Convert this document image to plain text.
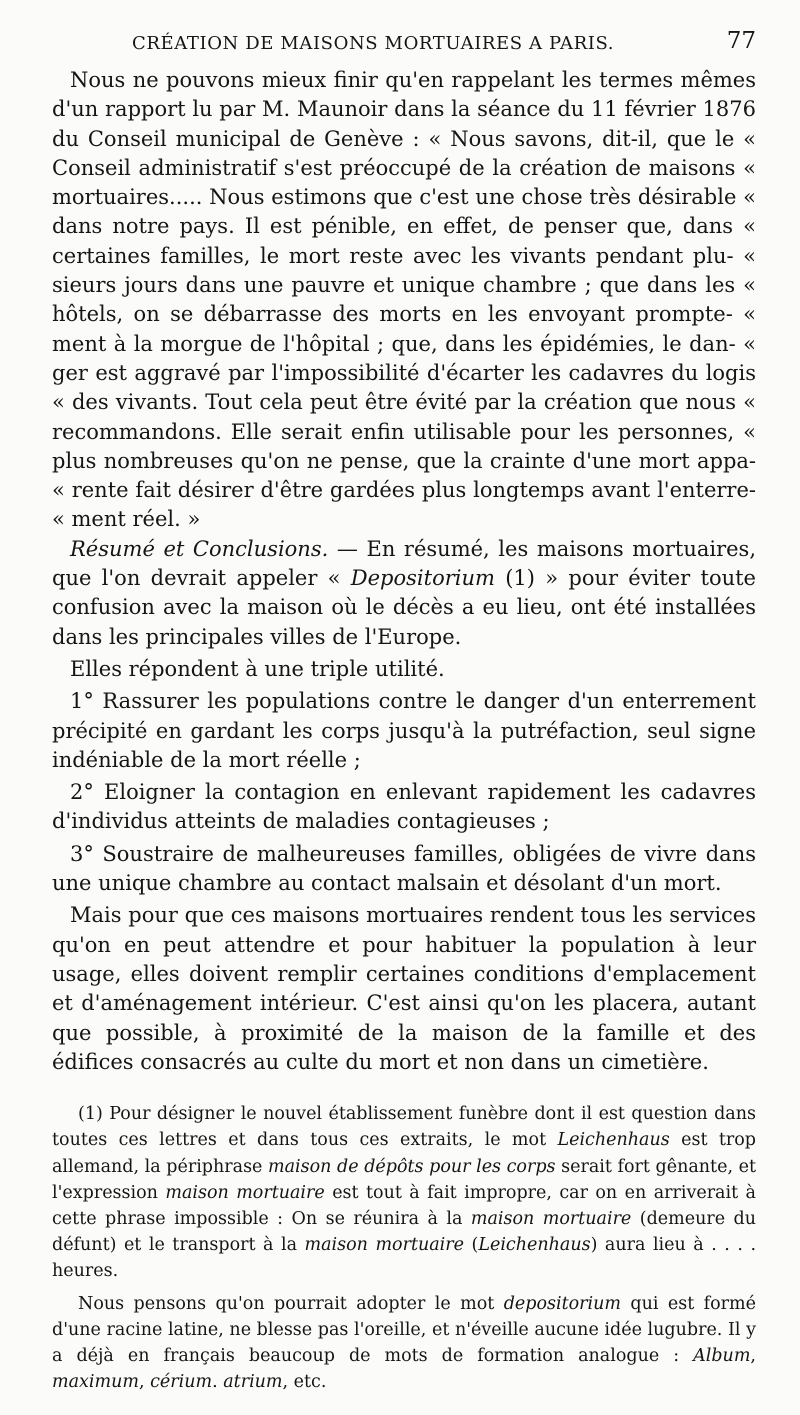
CRÉATION DE MAISONS MORTUAIRES A PARIS.	77

Nous ne pouvons mieux finir qu'en rappelant les termes mêmes d'un rapport lu par M. Maunoir dans la séance du 11 février 1876 du Conseil municipal de Genève : « Nous savons, dit-il, que le « Conseil administratif s'est préoccupé de la création de maisons « mortuaires..... Nous estimons que c'est une chose très désirable « dans notre pays. Il est pénible, en effet, de penser que, dans « certaines familles, le mort reste avec les vivants pendant plu- « sieurs jours dans une pauvre et unique chambre ; que dans les « hôtels, on se débarrasse des morts en les envoyant prompte- « ment à la morgue de l'hôpital ; que, dans les épidémies, le dan- « ger est aggravé par l'impossibilité d'écarter les cadavres du logis « des vivants. Tout cela peut être évité par la création que nous « recommandons. Elle serait enfin utilisable pour les personnes, « plus nombreuses qu'on ne pense, que la crainte d'une mort appa- « rente fait désirer d'être gardées plus longtemps avant l'enterre- « ment réel. »

Résumé et Conclusions. — En résumé, les maisons mortuaires, que l'on devrait appeler « Depositorium (1) » pour éviter toute confusion avec la maison où le décès a eu lieu, ont été installées dans les principales villes de l'Europe.

Elles répondent à une triple utilité.

1° Rassurer les populations contre le danger d'un enterrement précipité en gardant les corps jusqu'à la putréfaction, seul signe indéniable de la mort réelle ;

2° Eloigner la contagion en enlevant rapidement les cadavres d'individus atteints de maladies contagieuses ;

3° Soustraire de malheureuses familles, obligées de vivre dans une unique chambre au contact malsain et désolant d'un mort.

Mais pour que ces maisons mortuaires rendent tous les services qu'on en peut attendre et pour habituer la population à leur usage, elles doivent remplir certaines conditions d'emplacement et d'aménagement intérieur. C'est ainsi qu'on les placera, autant que possible, à proximité de la maison de la famille et des édifices consacrés au culte du mort et non dans un cimetière.

(1) Pour désigner le nouvel établissement funèbre dont il est question dans toutes ces lettres et dans tous ces extraits, le mot Leichenhaus est trop allemand, la périphrase maison de dépôts pour les corps serait fort gênante, et l'expression maison mortuaire est tout à fait impropre, car on en arriverait à cette phrase impossible : On se réunira à la maison mortuaire (demeure du défunt) et le transport à la maison mortuaire (Leichenhaus) aura lieu à . . . . heures.

Nous pensons qu'on pourrait adopter le mot depositorium qui est formé d'une racine latine, ne blesse pas l'oreille, et n'éveille aucune idée lugubre. Il y a déjà en français beaucoup de mots de formation analogue : Album, maximum, cérium. atrium, etc.
